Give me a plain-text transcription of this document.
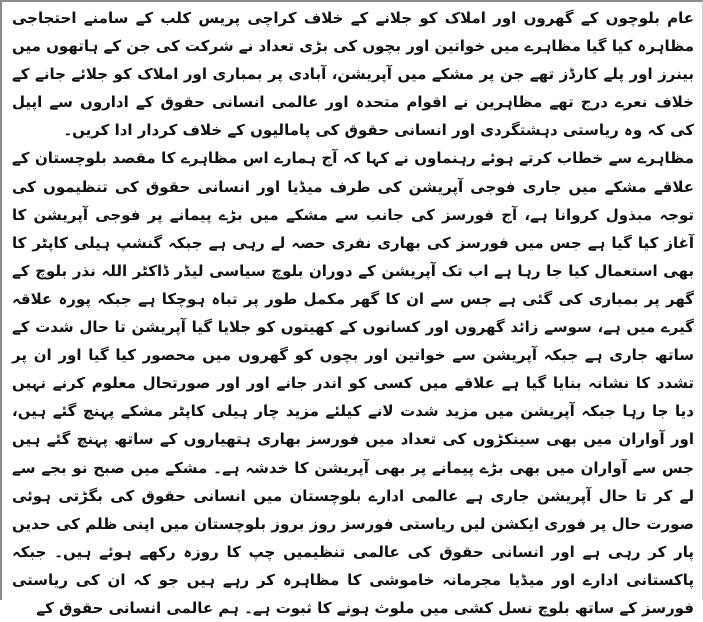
عام بلوچوں کے گھروں اور املاک کو جلانے کے خلاف کراچی پریس کلب کے سامنے احتجاجی مظاہرہ کیا گیا مظاہرے میں خواتین اور بچوں کی بڑی تعداد نے شرکت کی جن کے ہاتھوں میں بینرز اور پلے کارڈز تھے جن پر مشکے میں آپریشن، آبادی پر بمباری اور املاک کو جلائے جانے کے خلاف نعرے درج تھے مظاہرین نے اقوام متحدہ اور عالمی انسانی حقوق کے اداروں سے اپیل کی کہ وہ ریاستی دہشتگردی اور انسانی حقوق کی پامالیوں کے خلاف کردار ادا کریں۔

مظاہرے سے خطاب کرتے ہوئے رہنماوں نے کہا کہ آج ہمارے اس مظاہرے کا مقصد بلوچستان کے علاقے مشکے میں جاری فوجی آپریشن کی طرف میڈیا اور انسانی حقوق کی تنظیموں کی توجہ مبذول کروانا ہے، آج فورسز کی جانب سے مشکے میں بڑے پیمانے پر فوجی آپریشن کا آغاز کیا گیا ہے جس میں فورسز کی بھاری نفری حصہ لے رہی ہے جبکہ گنشپ ہیلی کاپٹر کا بھی استعمال کیا جا رہا ہے اب تک آپریشن کے دوران بلوچ سیاسی لیڈر ڈاکٹر اللہ نذر بلوچ کے گھر پر بمباری کی گئی ہے جس سے ان کا گھر مکمل طور پر تباہ ہوچکا ہے جبکہ پورہ علاقہ گیرے میں ہے، سوسے زائد گھروں اور کسانوں کے کھیتوں کو جلایا گیا آپریشن تا حال شدت کے ساتھ جاری ہے جبکہ آپریشن سے خواتین اور بچوں کو گھروں میں محصور کیا گیا اور ان پر تشدد کا نشانہ بنایا گیا ہے علاقے میں کسی کو اندر جانے اور اور صورتحال معلوم کرنے نہیں دیا جا رہا جبکہ آپریشن میں مزید شدت لانے کیلئے مزید چار ہیلی کاپٹر مشکے پہنچ گئے ہیں، اور آواران میں بھی سینکڑوں کی تعداد میں فورسز بھاری ہتھیاروں کے ساتھ پہنچ گئے ہیں جس سے آواران میں بھی بڑے پیمانے پر بھی آپریشن کا خدشہ ہے۔ مشکے میں صبح نو بجے سے لے کر تا حال آپریشن جاری ہے عالمی ادارے بلوچستان میں انسانی حقوق کی بگڑتی ہوئی صورت حال پر فوری ایکشن لیں ریاستی فورسز روز بروز بلوچستان میں اپنی ظلم کی حدیں پار کر رہی ہے اور انسانی حقوق کی عالمی تنظیمیں چپ کا روزہ رکھے ہوئے ہیں۔ جبکہ پاکستانی ادارے اور میڈیا مجرمانہ خاموشی کا مظاہرہ کر رہے ہیں جو کہ ان کی ریاستی فورسز کے ساتھ بلوچ نسل کشی میں ملوث ہونے کا ثبوت ہے۔ ہم عالمی انسانی حقوق کے
